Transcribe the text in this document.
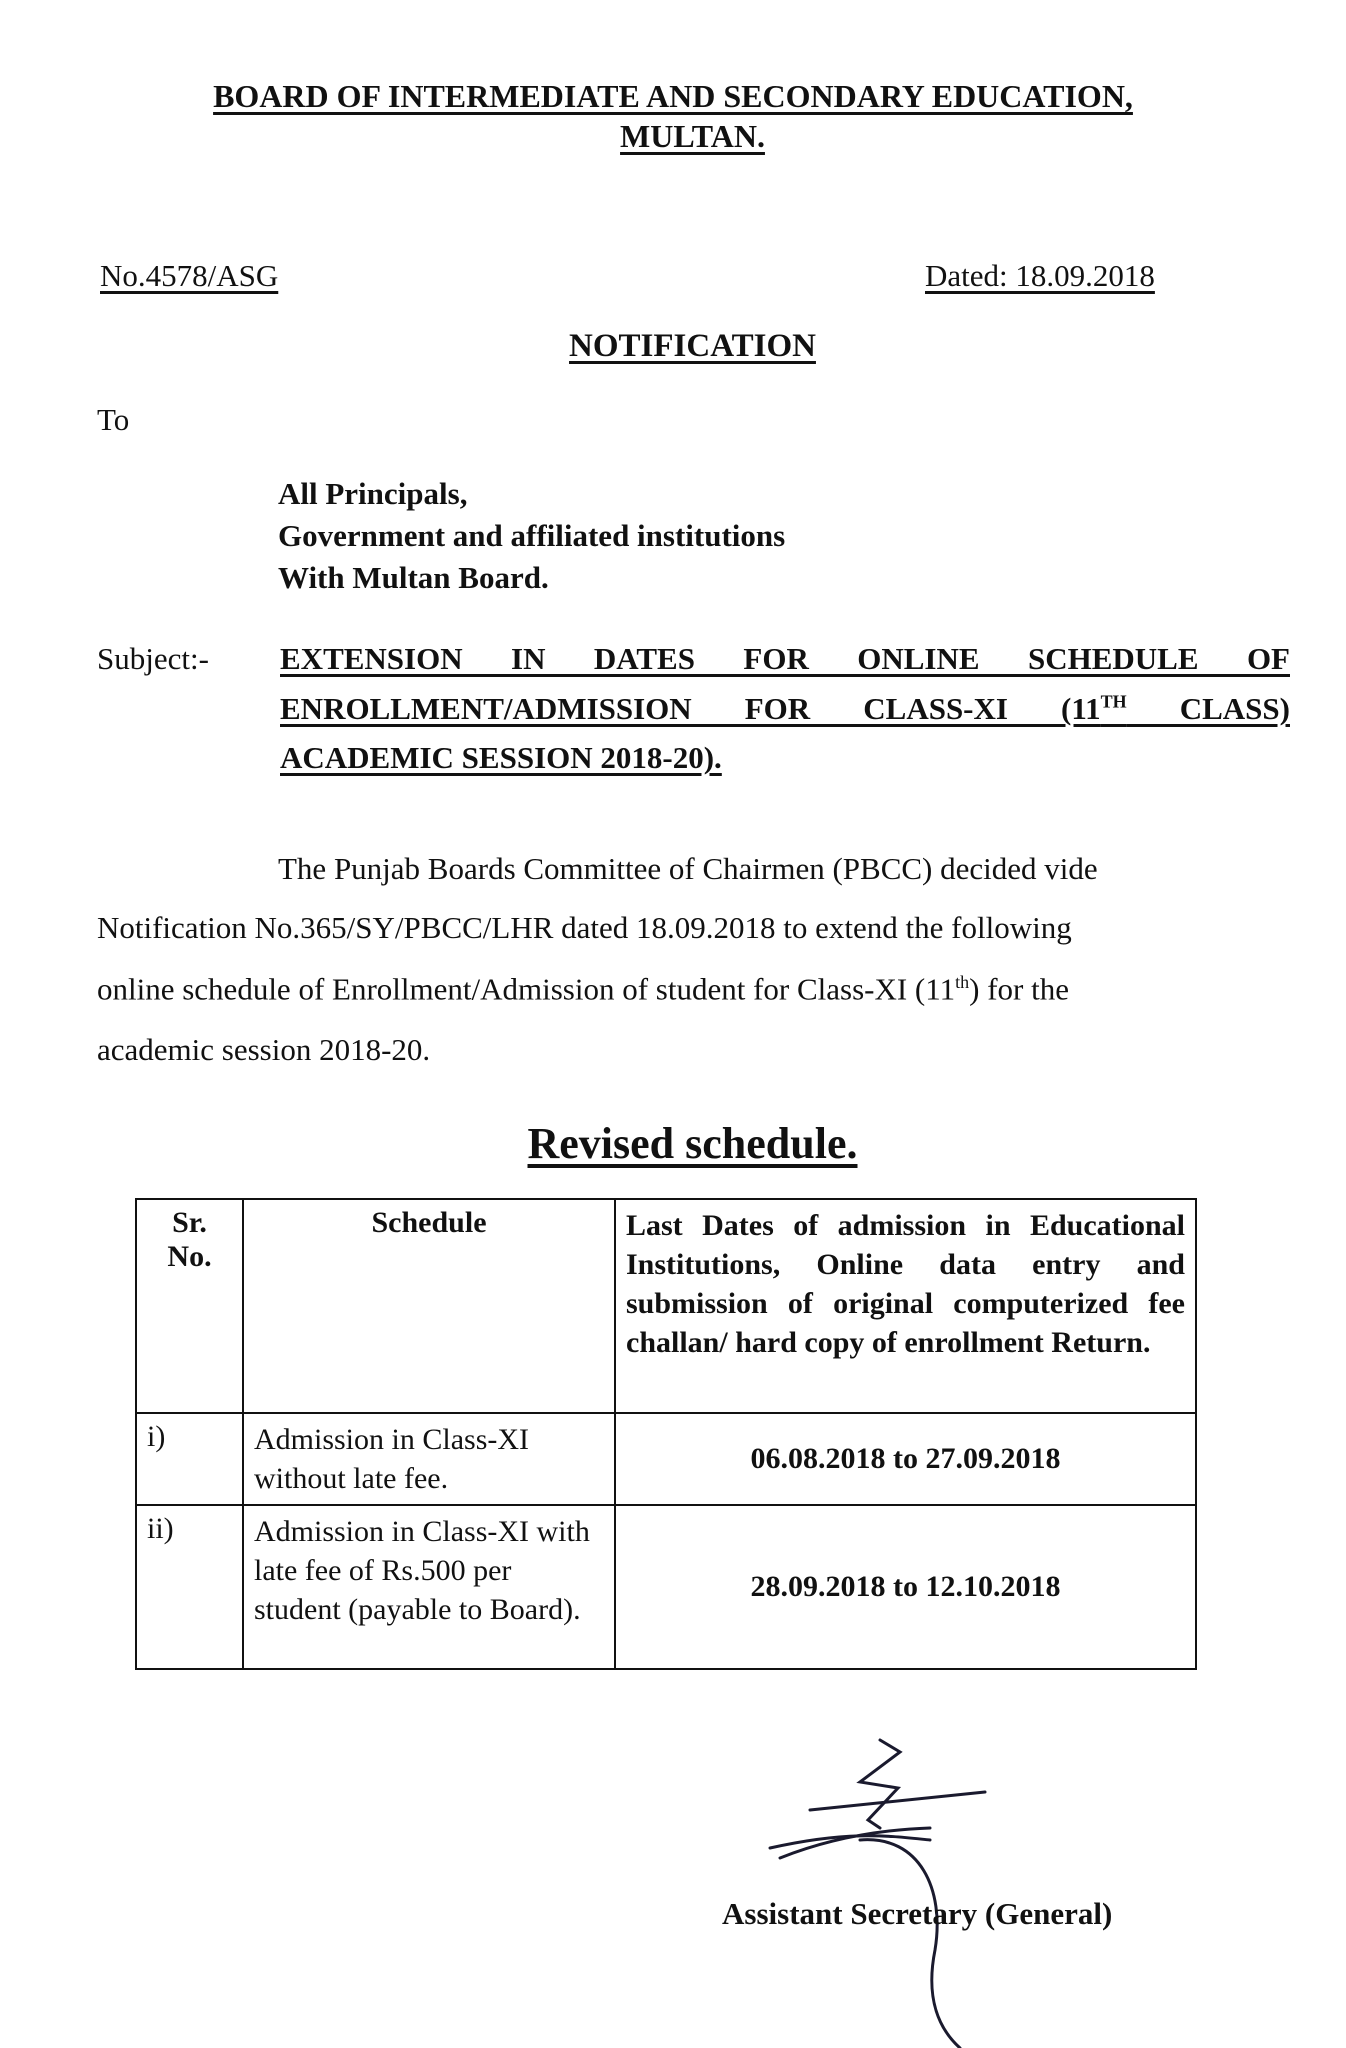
BOARD OF INTERMEDIATE AND SECONDARY EDUCATION,
MULTAN.
No.4578/ASG	Dated: 18.09.2018
NOTIFICATION
To
All Principals,
Government and affiliated institutions
With Multan Board.
Subject:- EXTENSION IN DATES FOR ONLINE SCHEDULE OF
ENROLLMENT/ADMISSION FOR CLASS-XI (11TH CLASS)
ACADEMIC SESSION 2018-20).
The Punjab Boards Committee of Chairmen (PBCC) decided vide
Notification No.365/SY/PBCC/LHR dated 18.09.2018 to extend the following
online schedule of Enrollment/Admission of student for Class-XI (11th) for the
academic session 2018-20.
Revised schedule.
Sr. No.	Schedule	Last Dates of admission in Educational Institutions, Online data entry and submission of original computerized fee challan/ hard copy of enrollment Return.
i)	Admission in Class-XI without late fee.	06.08.2018 to 27.09.2018
ii)	Admission in Class-XI with late fee of Rs.500 per student (payable to Board).	28.09.2018 to 12.10.2018
Assistant Secretary (General)
